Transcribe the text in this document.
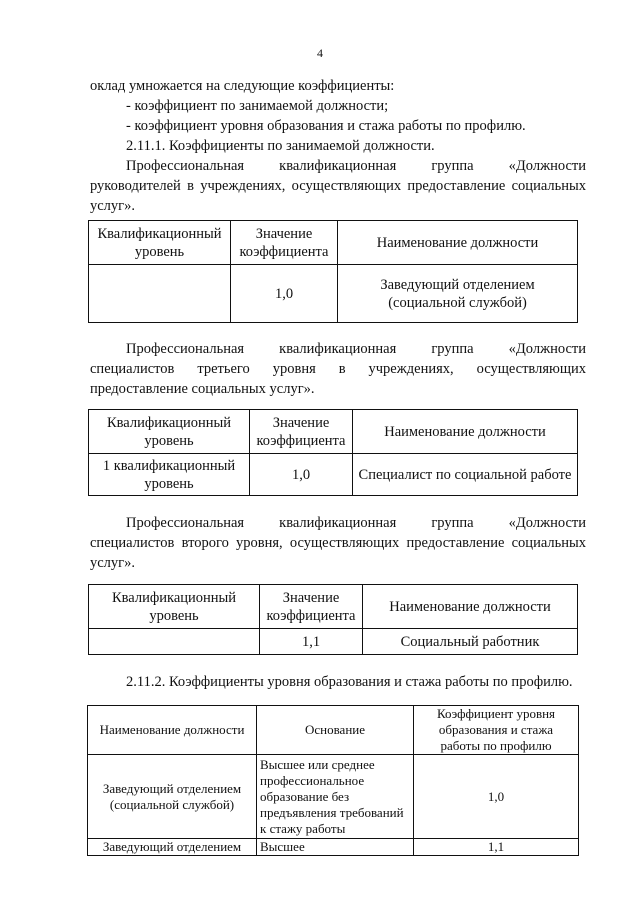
4
оклад умножается на следующие коэффициенты:
- коэффициент по занимаемой должности;
- коэффициент уровня образования и стажа работы по профилю.
2.11.1. Коэффициенты по занимаемой должности.
Профессиональная квалификационная группа «Должности
руководителей в учреждениях, осуществляющих предоставление социальных
услуг».
Квалификационный уровень	Значение коэффициента	Наименование должности
	1,0	Заведующий отделением (социальной службой)
Профессиональная квалификационная группа «Должности
специалистов третьего уровня в учреждениях, осуществляющих
предоставление социальных услуг».
Квалификационный уровень	Значение коэффициента	Наименование должности
1 квалификационный уровень	1,0	Специалист по социальной работе
Профессиональная квалификационная группа «Должности
специалистов второго уровня, осуществляющих предоставление социальных
услуг».
Квалификационный уровень	Значение коэффициента	Наименование должности
	1,1	Социальный работник
2.11.2. Коэффициенты уровня образования и стажа работы по профилю.
Наименование должности	Основание	Коэффициент уровня образования и стажа работы по профилю
Заведующий отделением (социальной службой)	Высшее или среднее профессиональное образование без предъявления требований к стажу работы	1,0
Заведующий отделением	Высшее	1,1
